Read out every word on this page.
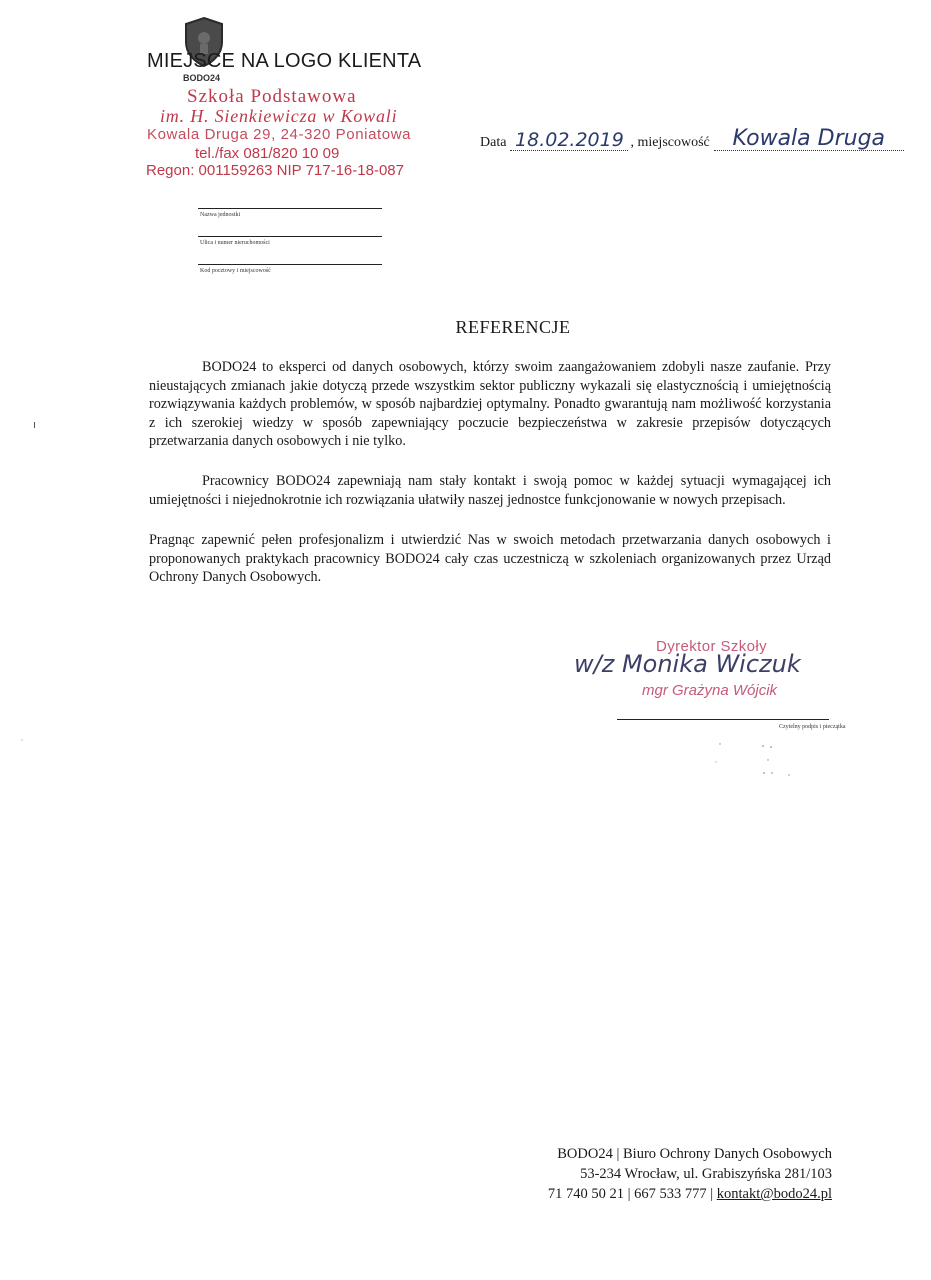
MIEJSCE NA LOGO KLIENTA
BODO24
Szkoła Podstawowa
im. H. Sienkiewicza w Kowali
Kowala Druga 29, 24-320 Poniatowa
tel./fax 081/820 10 09
Regon: 001159263 NIP 717-16-18-087
Nazwa jednostki
Ulica i numer nieruchomości
Kod pocztowy i miejscowość
Data 18.02.2019 , miejscowość	Kowala Druga
REFERENCJE

BODO24 to eksperci od danych osobowych, którzy swoim zaangażowaniem zdobyli nasze zaufanie. Przy nieustających zmianach jakie dotyczą przede wszystkim sektor publiczny wykazali się elastycznością i umiejętnością rozwiązywania każdych problemów, w sposób najbardziej optymalny. Ponadto gwarantują nam możliwość korzystania z ich szerokiej wiedzy w sposób zapewniający poczucie bezpieczeństwa w zakresie przepisów dotyczących przetwarzania danych osobowych i nie tylko.

Pracownicy BODO24 zapewniają nam stały kontakt i swoją pomoc w każdej sytuacji wymagającej ich umiejętności i niejednokrotnie ich rozwiązania ułatwiły naszej jednostce funkcjonowanie w nowych przepisach.

Pragnąc zapewnić pełen profesjonalizm i utwierdzić Nas w swoich metodach przetwarzania danych osobowych i proponowanych praktykach pracownicy BODO24 cały czas uczestniczą w szkoleniach organizowanych przez Urząd Ochrony Danych Osobowych.

Dyrektor Szkoły
w/z Monika Wiczuk
mgr Grażyna Wójcik
Czytelny podpis i pieczątka
BODO24 | Biuro Ochrony Danych Osobowych
53-234 Wrocław, ul. Grabiszyńska 281/103
71 740 50 21 | 667 533 777 | kontakt@bodo24.pl
